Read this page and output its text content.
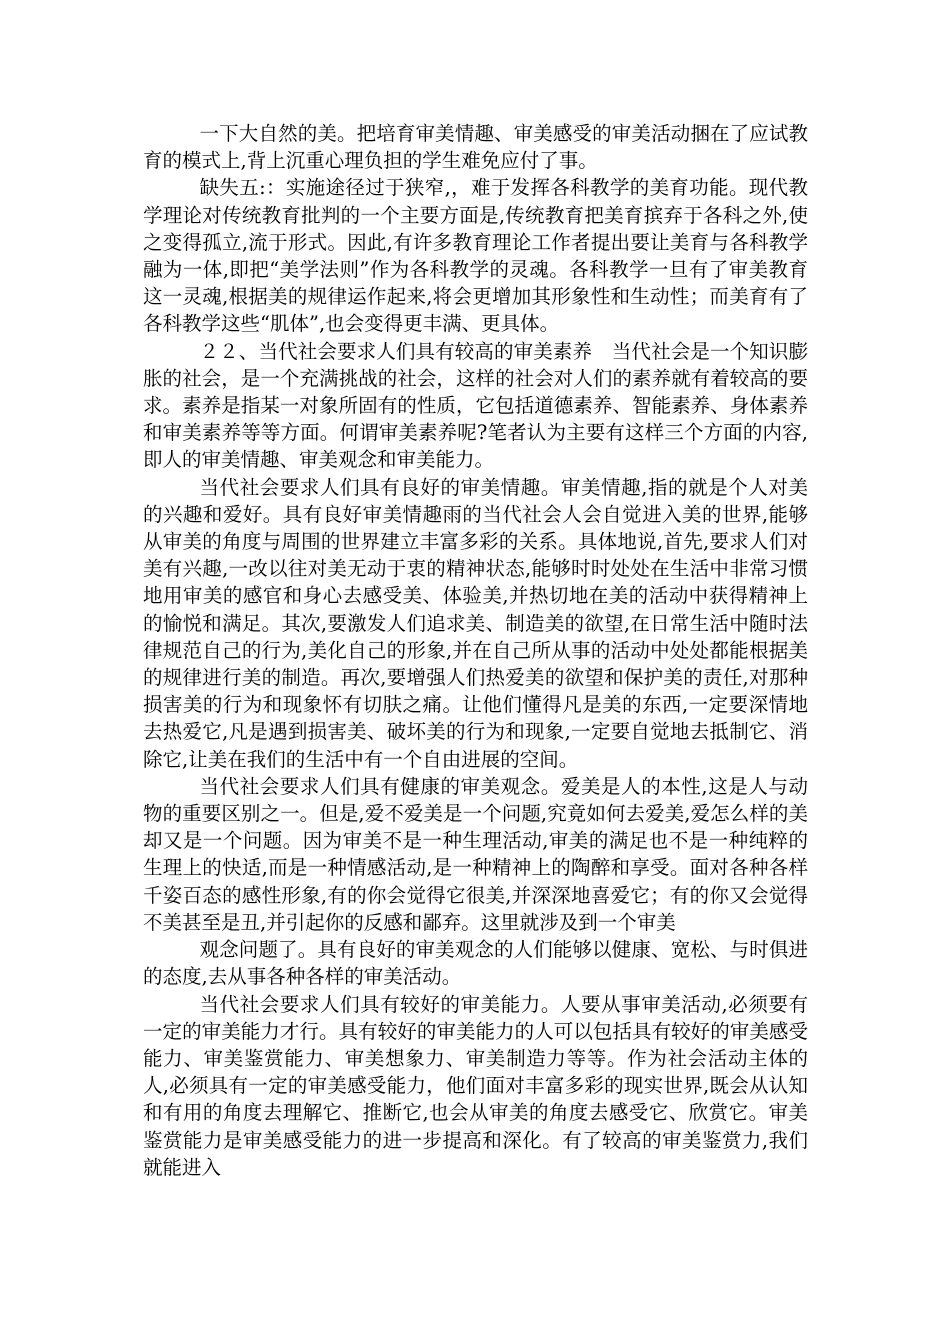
一下大自然的美。把培育审美情趣、审美感受的审美活动捆在了应试教育的模式上,背上沉重心理负担的学生难免应付了事。

缺失五:：实施途径过于狭窄,，难于发挥各科教学的美育功能。现代教学理论对传统教育批判的一个主要方面是,传统教育把美育摈弃于各科之外,使之变得孤立,流于形式。因此,有许多教育理论工作者提出要让美育与各科教学融为一体,即把“美学法则”作为各科教学的灵魂。各科教学一旦有了审美教育这一灵魂,根据美的规律运作起来,将会更增加其形象性和生动性；而美育有了各科教学这些“肌体”,也会变得更丰满、更具体。

２２、当代社会要求人们具有较高的审美素养　当代社会是一个知识膨胀的社会，是一个充满挑战的社会，这样的社会对人们的素养就有着较高的要求。素养是指某一对象所固有的性质，它包括道德素养、智能素养、身体素养和审美素养等等方面。何谓审美素养呢?笔者认为主要有这样三个方面的内容,即人的审美情趣、审美观念和审美能力。

当代社会要求人们具有良好的审美情趣。审美情趣,指的就是个人对美的兴趣和爱好。具有良好审美情趣雨的当代社会人会自觉进入美的世界,能够从审美的角度与周围的世界建立丰富多彩的关系。具体地说,首先,要求人们对美有兴趣,一改以往对美无动于衷的精神状态,能够时时处处在生活中非常习惯地用审美的感官和身心去感受美、体验美,并热切地在美的活动中获得精神上的愉悦和满足。其次,要激发人们追求美、制造美的欲望,在日常生活中随时法律规范自己的行为,美化自己的形象,并在自己所从事的活动中处处都能根据美的规律进行美的制造。再次,要增强人们热爱美的欲望和保护美的责任,对那种损害美的行为和现象怀有切肤之痛。让他们懂得凡是美的东西,一定要深情地去热爱它,凡是遇到损害美、破坏美的行为和现象,一定要自觉地去抵制它、消除它,让美在我们的生活中有一个自由进展的空间。

当代社会要求人们具有健康的审美观念。爱美是人的本性,这是人与动物的重要区别之一。但是,爱不爱美是一个问题,究竟如何去爱美,爱怎么样的美却又是一个问题。因为审美不是一种生理活动,审美的满足也不是一种纯粹的生理上的快适,而是一种情感活动,是一种精神上的陶醉和享受。面对各种各样千姿百态的感性形象,有的你会觉得它很美,并深深地喜爱它；有的你又会觉得不美甚至是丑,并引起你的反感和鄙弃。这里就涉及到一个审美

观念问题了。具有良好的审美观念的人们能够以健康、宽松、与时俱进的态度,去从事各种各样的审美活动。

当代社会要求人们具有较好的审美能力。人要从事审美活动,必须要有一定的审美能力才行。具有较好的审美能力的人可以包括具有较好的审美感受能力、审美鉴赏能力、审美想象力、审美制造力等等。作为社会活动主体的人,必须具有一定的审美感受能力，他们面对丰富多彩的现实世界,既会从认知和有用的角度去理解它、推断它,也会从审美的角度去感受它、欣赏它。审美鉴赏能力是审美感受能力的进一步提高和深化。有了较高的审美鉴赏力,我们就能进入
